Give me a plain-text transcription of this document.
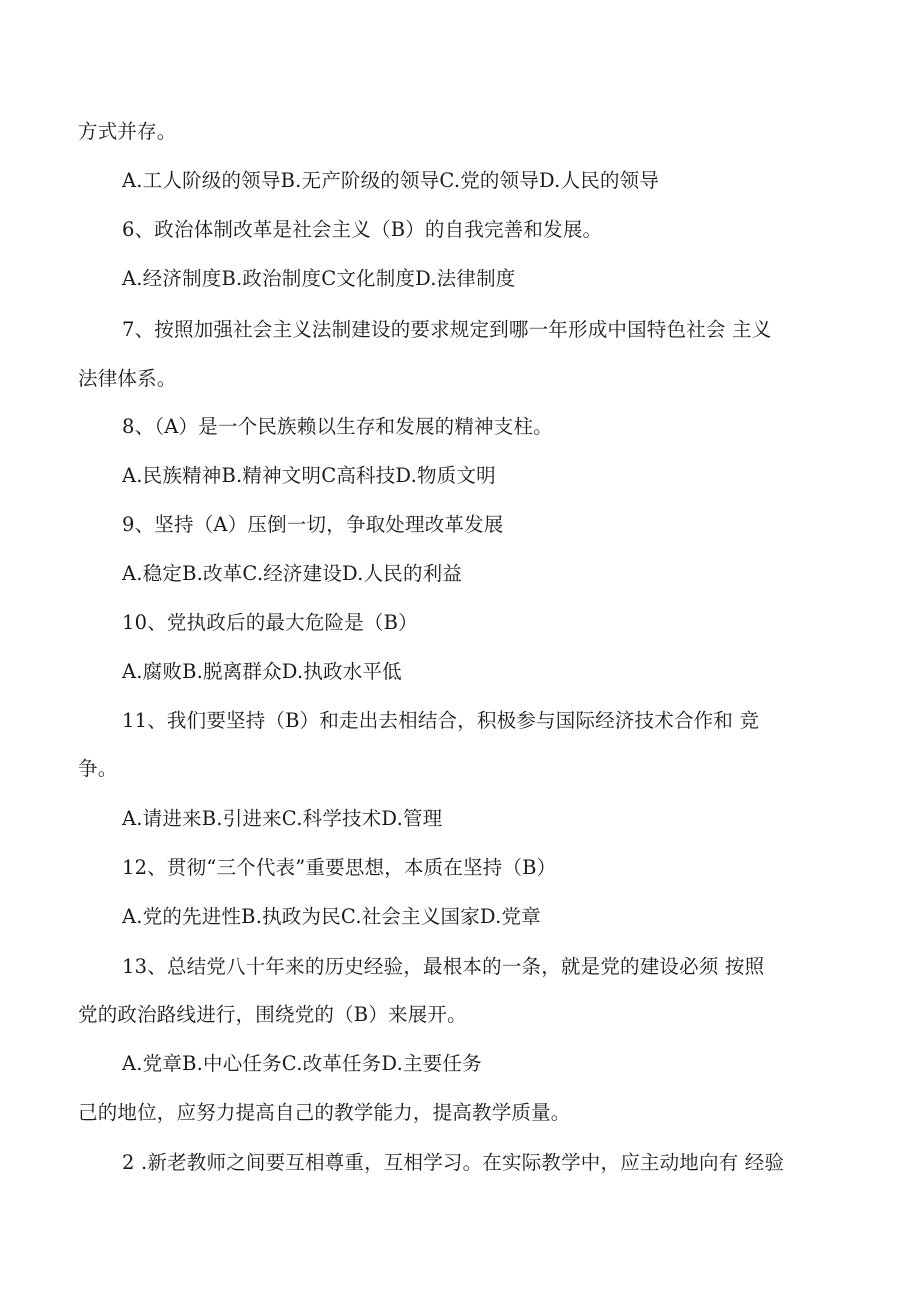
方式并存。
A.工人阶级的领导B.无产阶级的领导C.党的领导D.人民的领导
6、政治体制改革是社会主义（B）的自我完善和发展。
A.经济制度B.政治制度C文化制度D.法律制度
7、按照加强社会主义法制建设的要求规定到哪一年形成中国特色社会 主义
法律体系。
8、（A）是一个民族赖以生存和发展的精神支柱。
A.民族精神B.精神文明C高科技D.物质文明
9、坚持（A）压倒一切，争取处理改革发展
A.稳定B.改革C.经济建设D.人民的利益
10、党执政后的最大危险是（B）
A.腐败B.脱离群众D.执政水平低
11、我们要坚持（B）和走出去相结合，积极参与国际经济技术合作和 竞
争。
A.请进来B.引进来C.科学技术D.管理
12、贯彻“三个代表”重要思想，本质在坚持（B）
A.党的先进性B.执政为民C.社会主义国家D.党章
13、总结党八十年来的历史经验，最根本的一条，就是党的建设必须 按照
党的政治路线进行，围绕党的（B）来展开。
A.党章B.中心任务C.改革任务D.主要任务
己的地位，应努力提高自己的教学能力，提高教学质量。
2 .新老教师之间要互相尊重，互相学习。在实际教学中，应主动地向有 经验
